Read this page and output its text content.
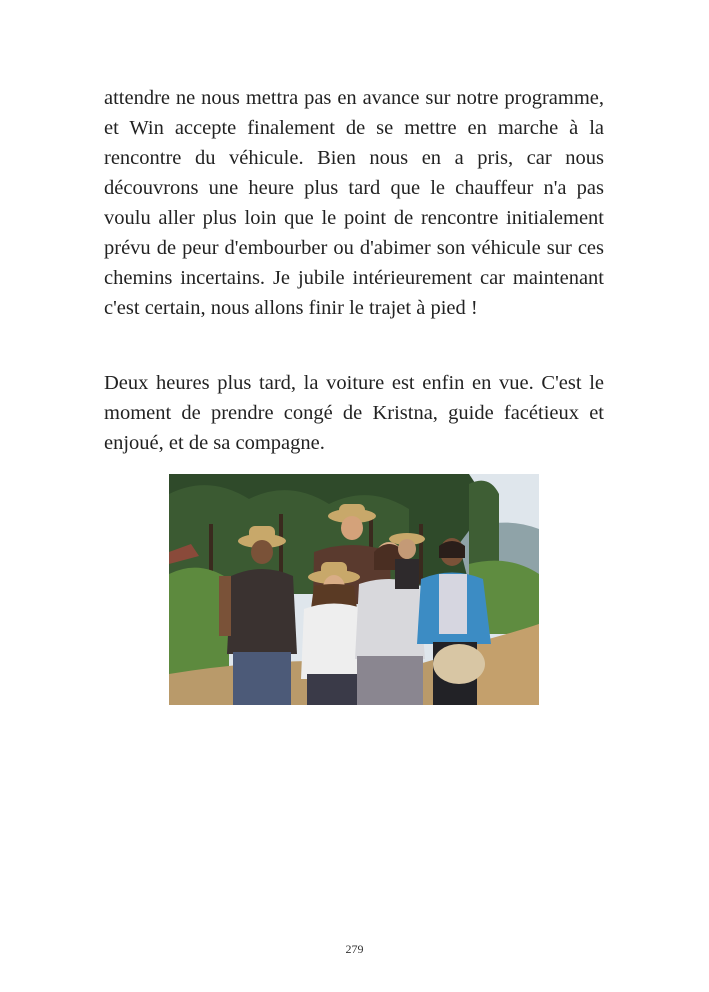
attendre ne nous mettra pas en avance sur notre programme, et Win accepte finalement de se mettre en marche à la rencontre du véhicule. Bien nous en a pris, car nous découvrons une heure plus tard que le chauffeur n'a pas voulu aller plus loin que le point de rencontre initialement prévu de peur d'embourber ou d'abimer son véhicule sur ces chemins incertains. Je jubile intérieurement car maintenant c'est certain, nous allons finir le trajet à pied !

Deux heures plus tard, la voiture est enfin en vue. C'est le moment de prendre congé de Kristna, guide facétieux et enjoué, et de sa compagne.

279
